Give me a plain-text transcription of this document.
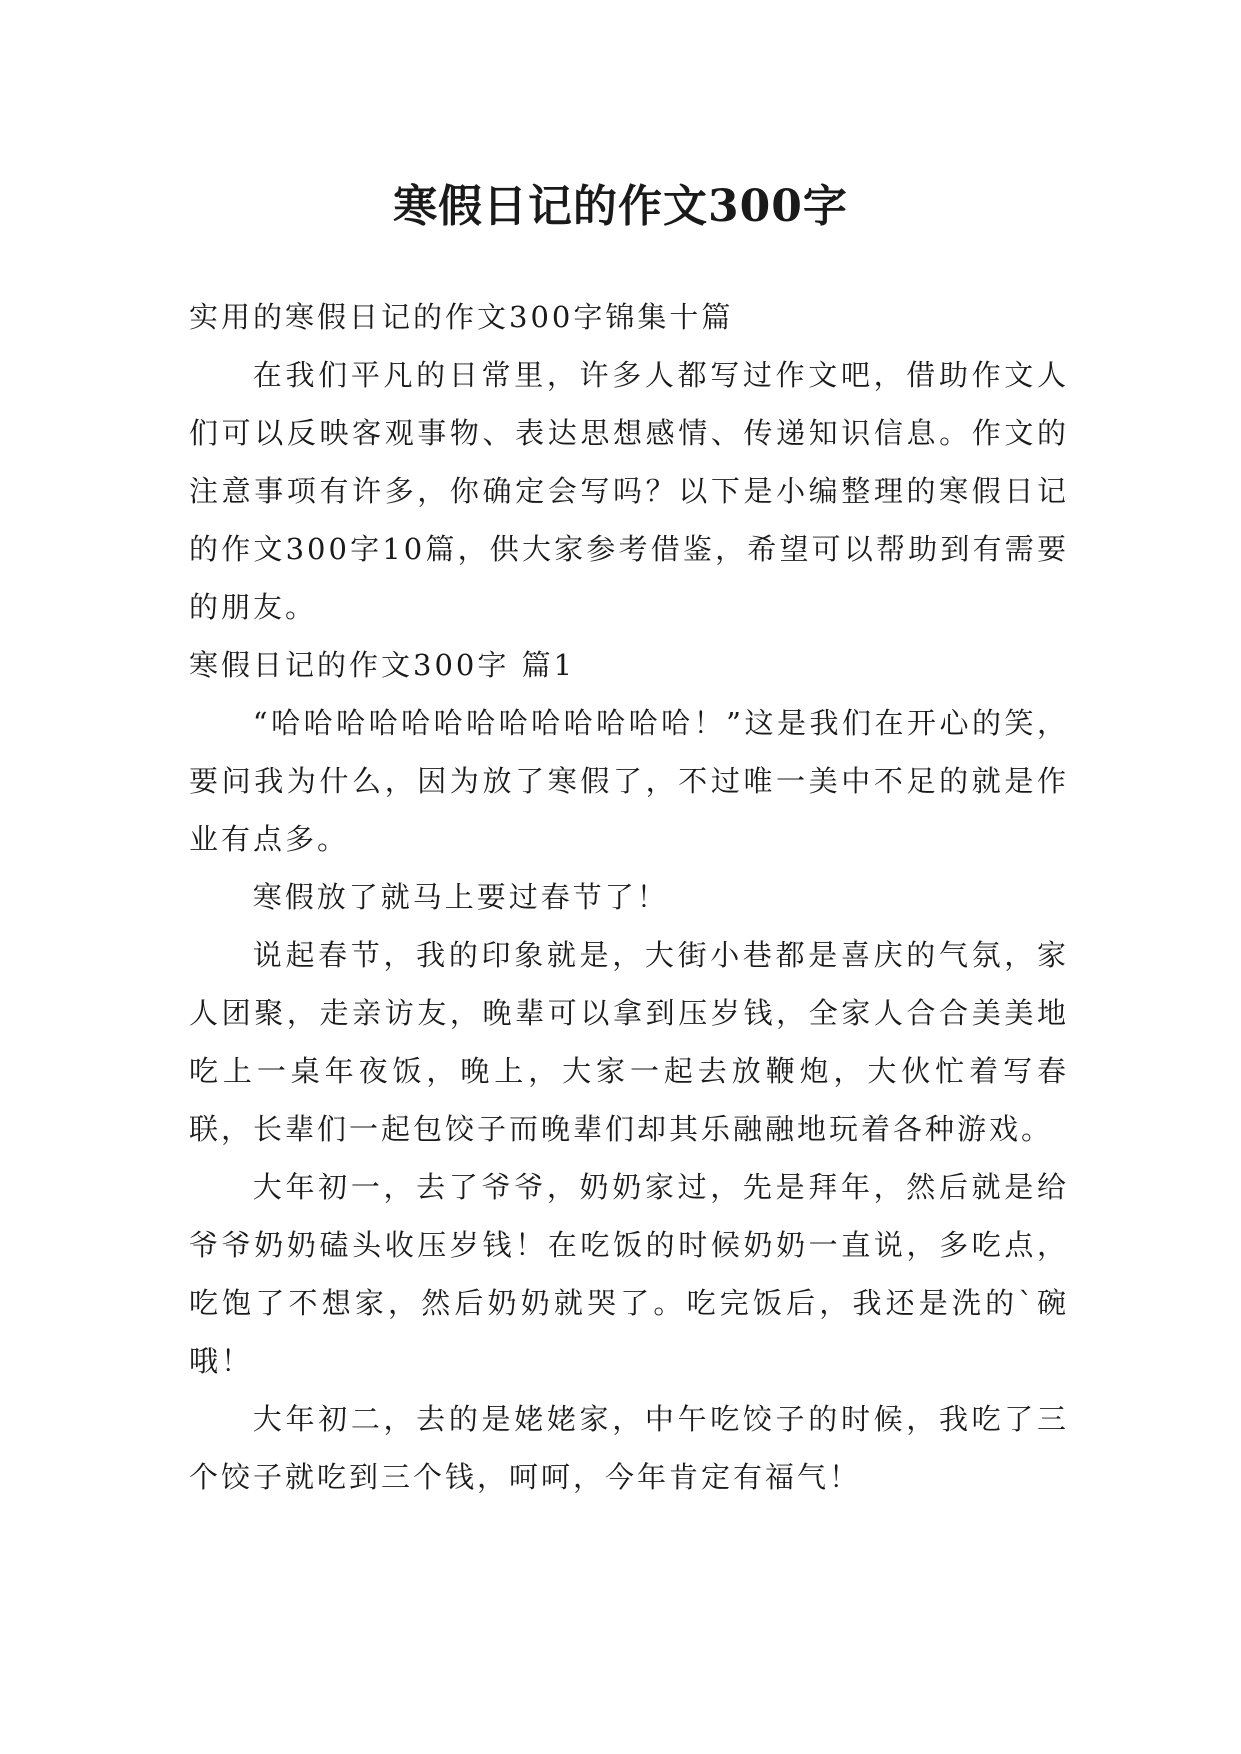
寒假日记的作文300字

实用的寒假日记的作文300字锦集十篇

在我们平凡的日常里，许多人都写过作文吧，借助作文人们可以反映客观事物、表达思想感情、传递知识信息。作文的注意事项有许多，你确定会写吗？以下是小编整理的寒假日记的作文300字10篇，供大家参考借鉴，希望可以帮助到有需要的朋友。

寒假日记的作文300字 篇1

“哈哈哈哈哈哈哈哈哈哈哈哈哈！”这是我们在开心的笑，要问我为什么，因为放了寒假了，不过唯一美中不足的就是作业有点多。

寒假放了就马上要过春节了！

说起春节，我的印象就是，大街小巷都是喜庆的气氛，家人团聚，走亲访友，晚辈可以拿到压岁钱，全家人合合美美地吃上一桌年夜饭，晚上，大家一起去放鞭炮，大伙忙着写春联，长辈们一起包饺子而晚辈们却其乐融融地玩着各种游戏。

大年初一，去了爷爷，奶奶家过，先是拜年，然后就是给爷爷奶奶磕头收压岁钱！在吃饭的时候奶奶一直说，多吃点，吃饱了不想家，然后奶奶就哭了。吃完饭后，我还是洗的`碗哦！

大年初二，去的是姥姥家，中午吃饺子的时候，我吃了三个饺子就吃到三个钱，呵呵，今年肯定有福气！
